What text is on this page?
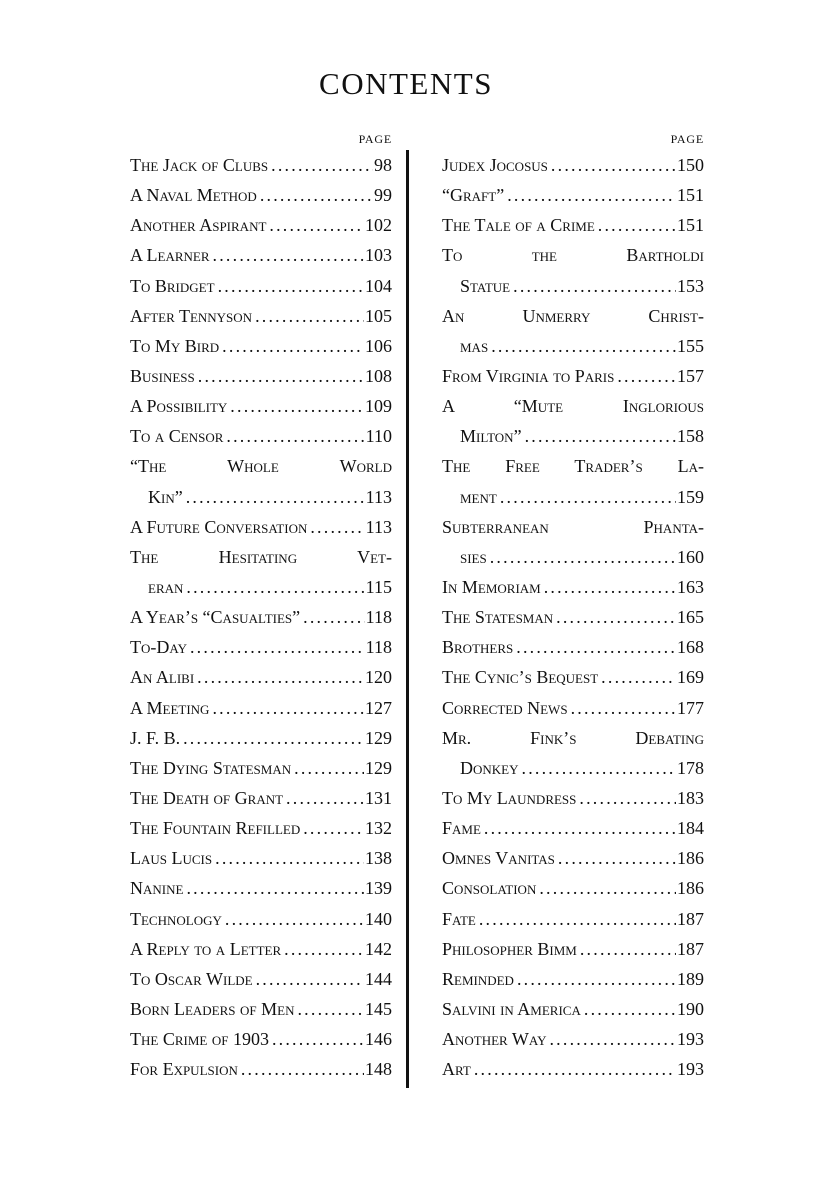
CONTENTS
PAGE
The Jack of Clubs .....	98
A Naval Method .....	99
Another Aspirant .....	102
A Learner .....	103
To Bridget .....	104
After Tennyson .....	105
To My Bird .....	106
Business .....	108
A Possibility .....	109
To a Censor .....	110
“The Whole World
Kin” .....	113
A Future Conversation .....	113
The Hesitating Vet-
eran .....	115
A Year’s “Casualties” .....	118
To-Day .....	118
An Alibi .....	120
A Meeting .....	127
J. F. B. .....	129
The Dying Statesman .....	129
The Death of Grant .....	131
The Fountain Refilled .....	132
Laus Lucis .....	138
Nanine .....	139
Technology .....	140
A Reply to a Letter .....	142
To Oscar Wilde .....	144
Born Leaders of Men .....	145
The Crime of 1903 .....	146
For Expulsion .....	148
PAGE
Judex Jocosus .....	150
“Graft” .....	151
The Tale of a Crime .....	151
To the Bartholdi
Statue .....	153
An Unmerry Christ-
mas .....	155
From Virginia to Paris .....	157
A “Mute Inglorious
Milton” .....	158
The Free Trader’s La-
ment .....	159
Subterranean Phanta-
sies .....	160
In Memoriam .....	163
The Statesman .....	165
Brothers .....	168
The Cynic’s Bequest .....	169
Corrected News .....	177
Mr. Fink’s Debating
Donkey .....	178
To My Laundress .....	183
Fame .....	184
Omnes Vanitas .....	186
Consolation .....	186
Fate .....	187
Philosopher Bimm .....	187
Reminded .....	189
Salvini in America .....	190
Another Way .....	193
Art .....	193
